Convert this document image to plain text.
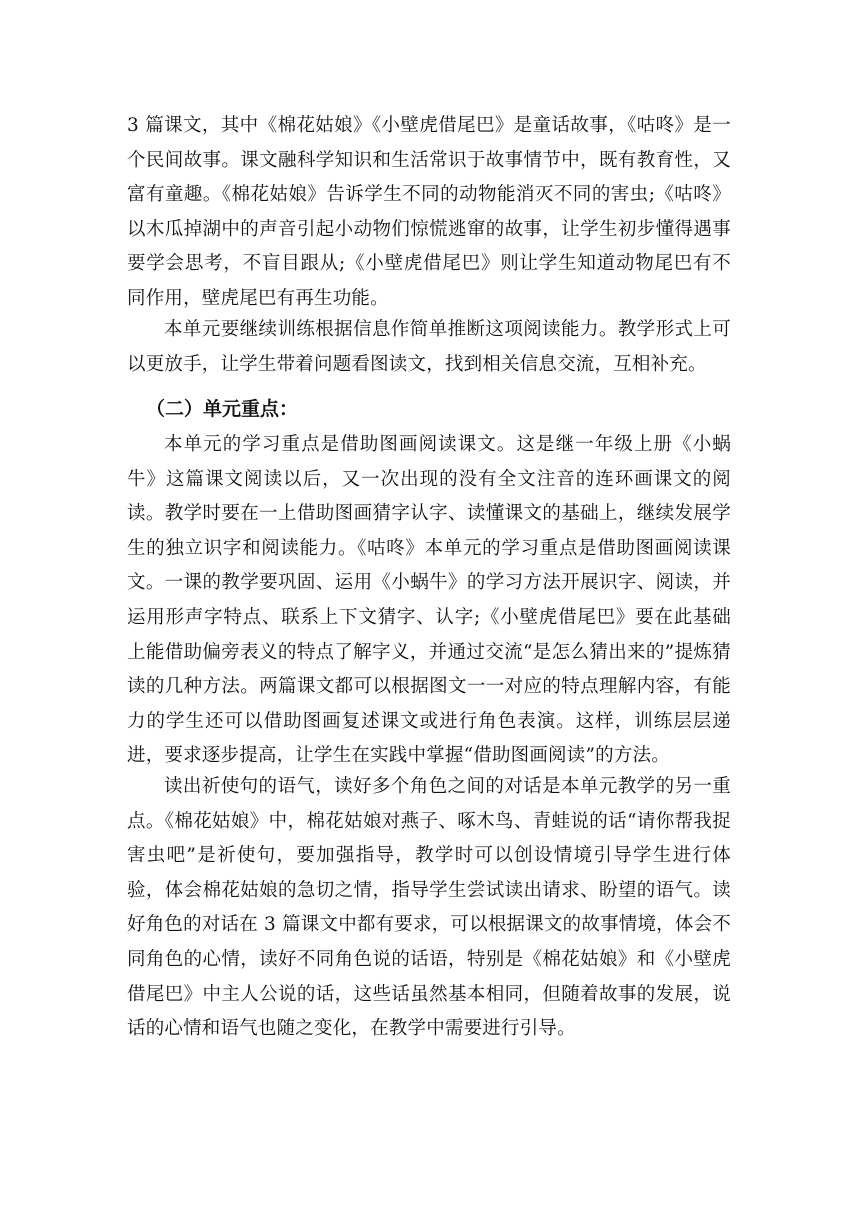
3 篇课文，其中《棉花姑娘》《小壁虎借尾巴》是童话故事，《咕咚》是一个民间故事。课文融科学知识和生活常识于故事情节中，既有教育性，又富有童趣。《棉花姑娘》告诉学生不同的动物能消灭不同的害虫;《咕咚》以木瓜掉湖中的声音引起小动物们惊慌逃窜的故事，让学生初步懂得遇事要学会思考，不盲目跟从;《小壁虎借尾巴》则让学生知道动物尾巴有不同作用，壁虎尾巴有再生功能。

本单元要继续训练根据信息作简单推断这项阅读能力。教学形式上可以更放手，让学生带着问题看图读文，找到相关信息交流，互相补充。

（二）单元重点：

本单元的学习重点是借助图画阅读课文。这是继一年级上册《小蜗牛》这篇课文阅读以后，又一次出现的没有全文注音的连环画课文的阅读。教学时要在一上借助图画猜字认字、读懂课文的基础上，继续发展学生的独立识字和阅读能力。《咕咚》本单元的学习重点是借助图画阅读课文。一课的教学要巩固、运用《小蜗牛》的学习方法开展识字、阅读，并运用形声字特点、联系上下文猜字、认字;《小壁虎借尾巴》要在此基础上能借助偏旁表义的特点了解字义，并通过交流“是怎么猜出来的”提炼猜读的几种方法。两篇课文都可以根据图文一一对应的特点理解内容，有能力的学生还可以借助图画复述课文或进行角色表演。这样，训练层层递进，要求逐步提高，让学生在实践中掌握“借助图画阅读”的方法。

读出祈使句的语气，读好多个角色之间的对话是本单元教学的另一重点。《棉花姑娘》中，棉花姑娘对燕子、啄木鸟、青蛙说的话“请你帮我捉害虫吧”是祈使句，要加强指导，教学时可以创设情境引导学生进行体验，体会棉花姑娘的急切之情，指导学生尝试读出请求、盼望的语气。读好角色的对话在 3 篇课文中都有要求，可以根据课文的故事情境，体会不同角色的心情，读好不同角色说的话语，特别是《棉花姑娘》和《小壁虎借尾巴》中主人公说的话，这些话虽然基本相同，但随着故事的发展，说话的心情和语气也随之变化，在教学中需要进行引导。
